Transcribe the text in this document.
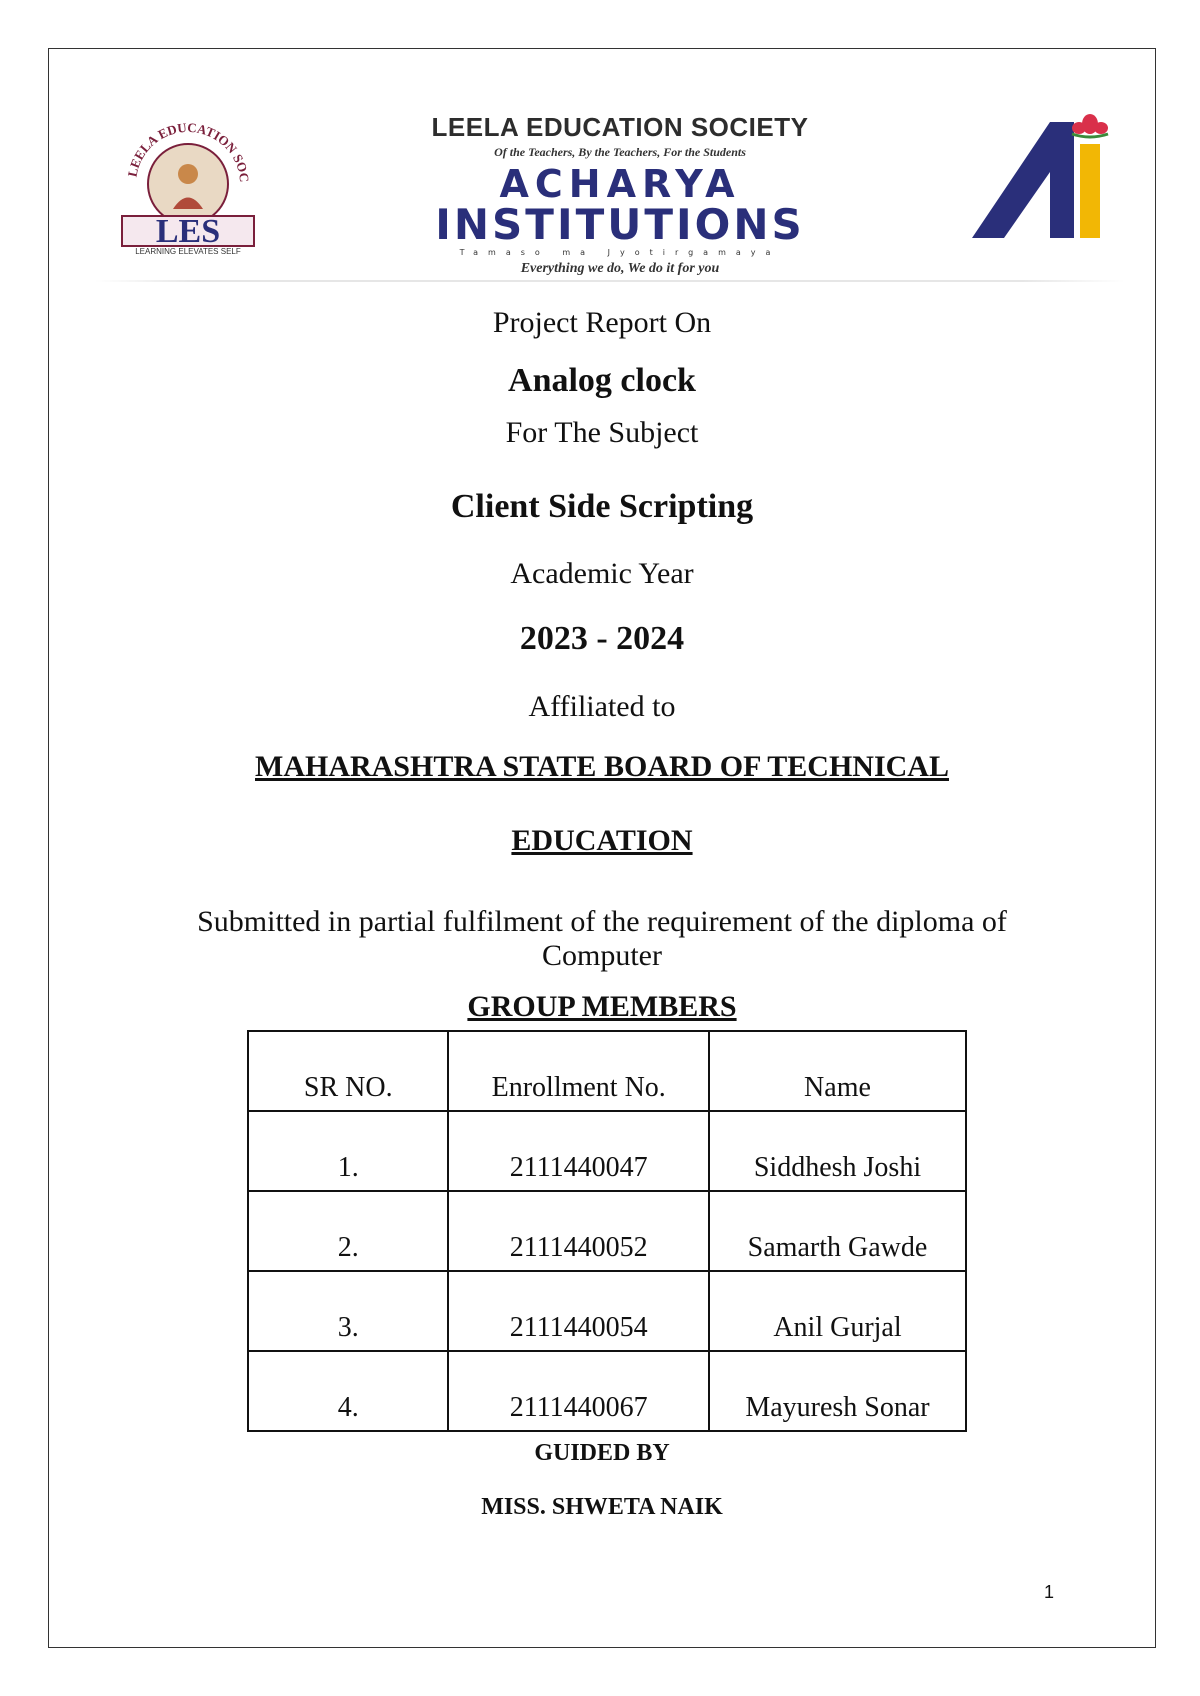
LEELA EDUCATION SOC
LES
LEARNING ELEVATES SELF
LEELA EDUCATION SOCIETY
Of the Teachers, By the Teachers, For the Students
ACHARYA
INSTITUTIONS
Tamaso ma Jyotirgamaya
Everything we do, We do it for you
Project Report On
Analog clock
For The Subject
Client Side Scripting
Academic Year
2023 - 2024
Affiliated to
MAHARASHTRA STATE BOARD OF TECHNICAL
EDUCATION
Submitted in partial fulfilment of the requirement of the diploma of Computer
GROUP MEMBERS
SR NO.	Enrollment No.	Name
1.	2111440047	Siddhesh Joshi
2.	2111440052	Samarth Gawde
3.	2111440054	Anil Gurjal
4.	2111440067	Mayuresh Sonar
GUIDED BY
MISS. SHWETA NAIK
1
